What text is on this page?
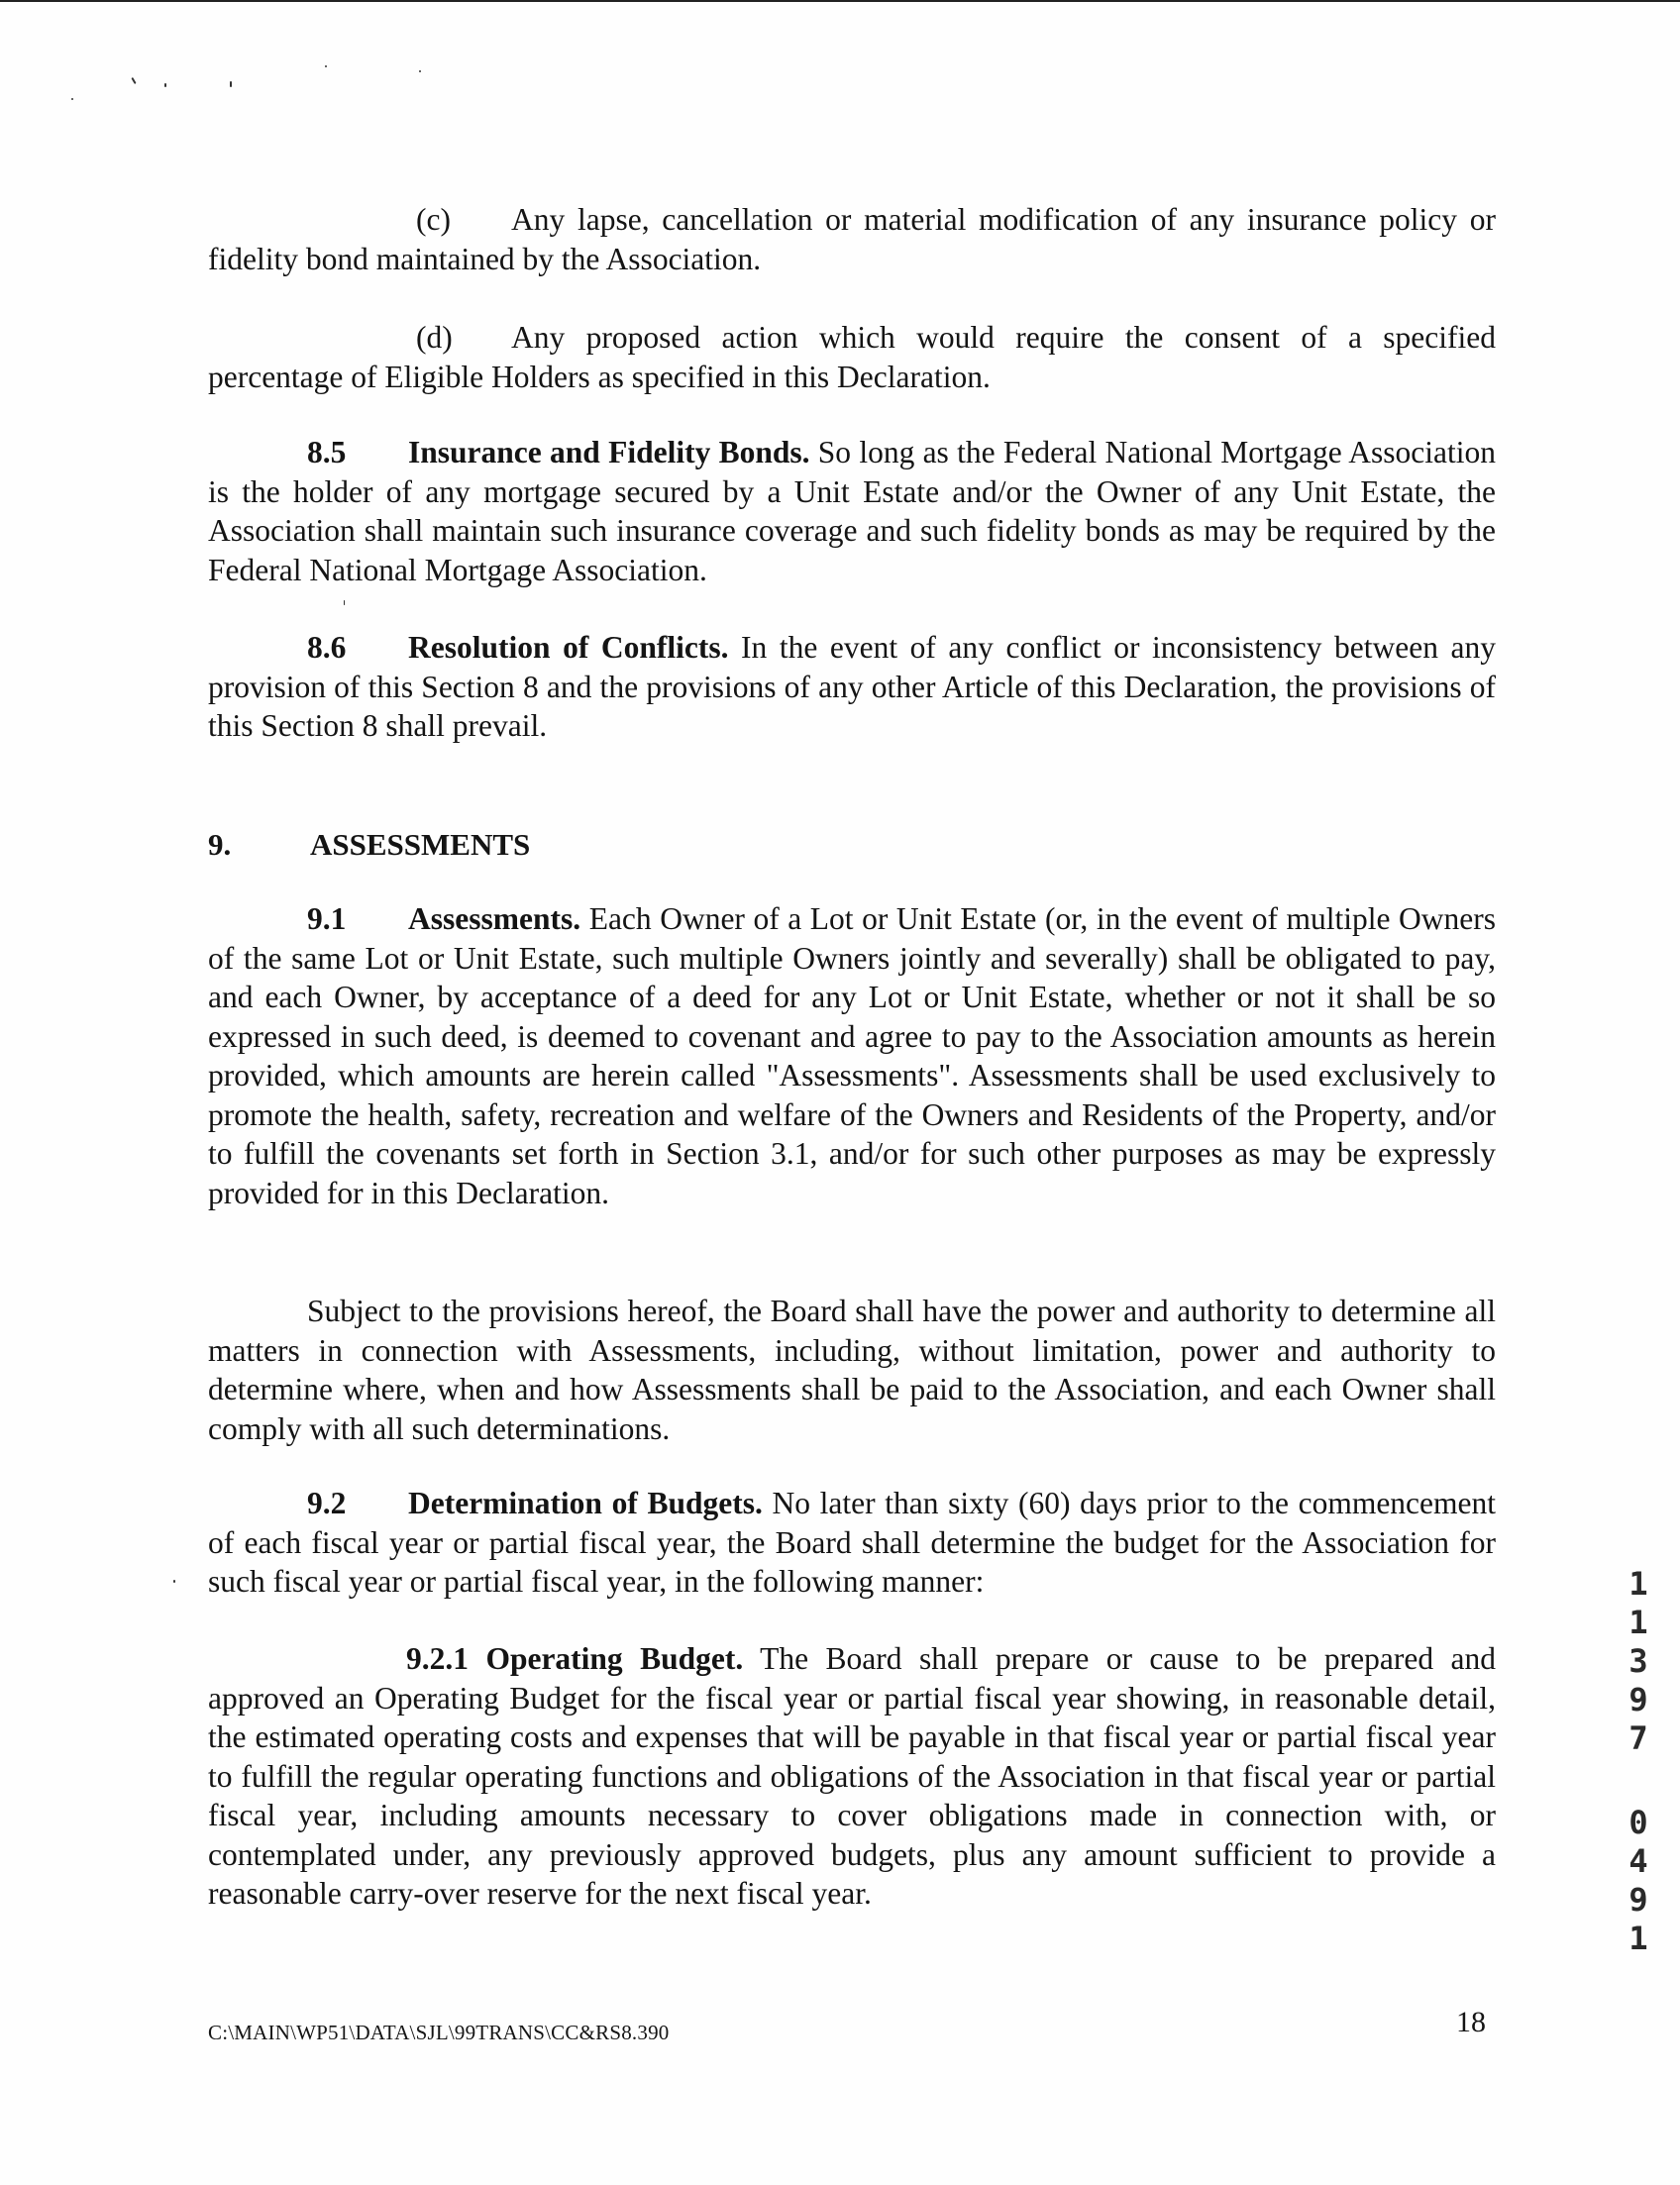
(c) Any lapse, cancellation or material modification of any insurance policy or fidelity bond maintained by the Association.

(d) Any proposed action which would require the consent of a specified percentage of Eligible Holders as specified in this Declaration.

8.5 Insurance and Fidelity Bonds. So long as the Federal National Mortgage Association is the holder of any mortgage secured by a Unit Estate and/or the Owner of any Unit Estate, the Association shall maintain such insurance coverage and such fidelity bonds as may be required by the Federal National Mortgage Association.

8.6 Resolution of Conflicts. In the event of any conflict or inconsistency between any provision of this Section 8 and the provisions of any other Article of this Declaration, the provisions of this Section 8 shall prevail.

9.	ASSESSMENTS

9.1 Assessments. Each Owner of a Lot or Unit Estate (or, in the event of multiple Owners of the same Lot or Unit Estate, such multiple Owners jointly and severally) shall be obligated to pay, and each Owner, by acceptance of a deed for any Lot or Unit Estate, whether or not it shall be so expressed in such deed, is deemed to covenant and agree to pay to the Association amounts as herein provided, which amounts are herein called "Assessments". Assessments shall be used exclusively to promote the health, safety, recreation and welfare of the Owners and Residents of the Property, and/or to fulfill the covenants set forth in Section 3.1, and/or for such other purposes as may be expressly provided for in this Declaration.

Subject to the provisions hereof, the Board shall have the power and authority to determine all matters in connection with Assessments, including, without limitation, power and authority to determine where, when and how Assessments shall be paid to the Association, and each Owner shall comply with all such determinations.

9.2 Determination of Budgets. No later than sixty (60) days prior to the commencement of each fiscal year or partial fiscal year, the Board shall determine the budget for the Association for such fiscal year or partial fiscal year, in the following manner:

9.2.1 Operating Budget. The Board shall prepare or cause to be prepared and approved an Operating Budget for the fiscal year or partial fiscal year showing, in reasonable detail, the estimated operating costs and expenses that will be payable in that fiscal year or partial fiscal year to fulfill the regular operating functions and obligations of the Association in that fiscal year or partial fiscal year, including amounts necessary to cover obligations made in connection with, or contemplated under, any previously approved budgets, plus any amount sufficient to provide a reasonable carry-over reserve for the next fiscal year.

1
1
3
9
7
0
4
9
1
C:\MAIN\WP51\DATA\SJL\99TRANS\CC&RS8.390	18
